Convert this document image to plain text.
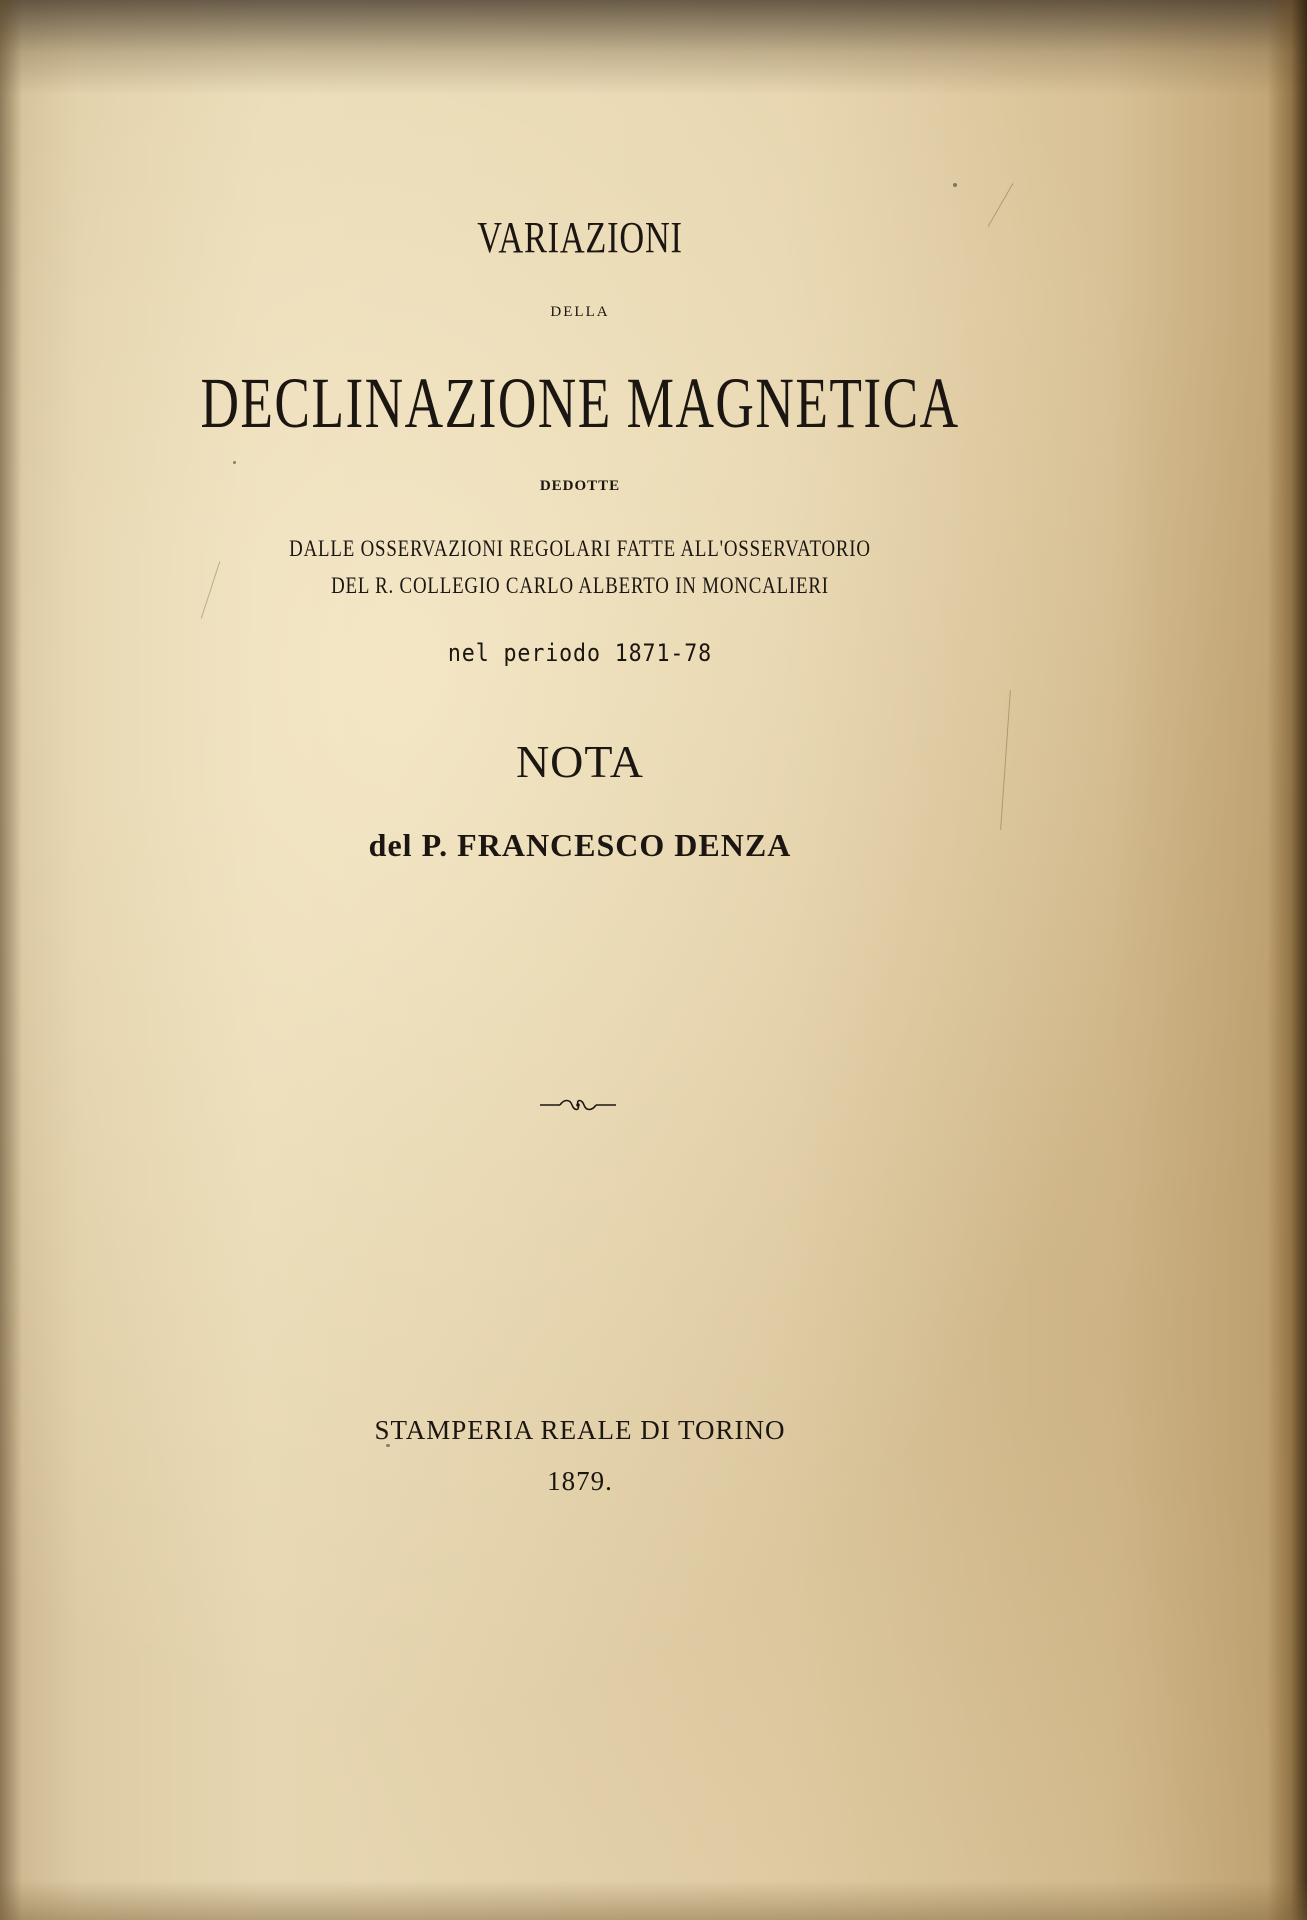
VARIAZIONI
DELLA
DECLINAZIONE MAGNETICA
DEDOTTE
DALLE OSSERVAZIONI REGOLARI FATTE ALL'OSSERVATORIO
DEL R. COLLEGIO CARLO ALBERTO IN MONCALIERI
nel periodo 1871-78
NOTA
del P. FRANCESCO DENZA
STAMPERIA REALE DI TORINO
1879.
